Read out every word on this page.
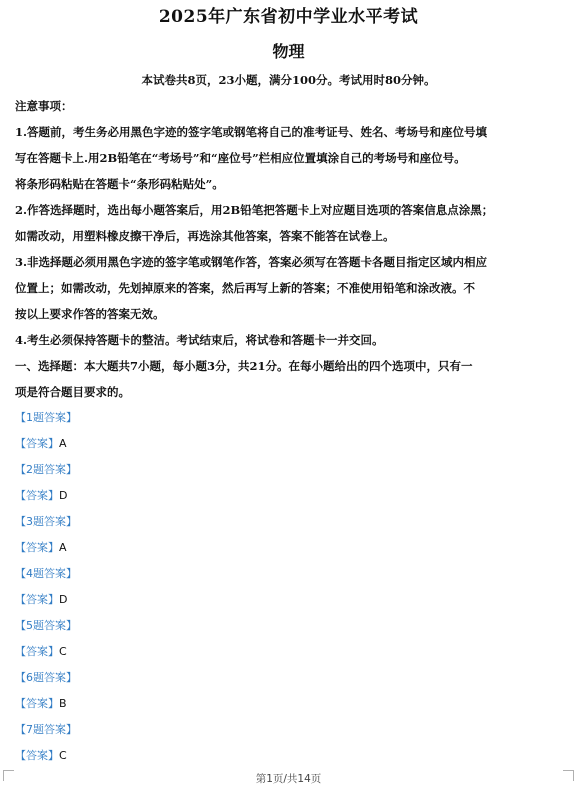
2025年广东省初中学业水平考试
物理
本试卷共8页，23小题，满分100分。考试用时80分钟。
注意事项：
1.答题前，考生务必用黑色字迹的签字笔或钢笔将自己的准考证号、姓名、考场号和座位号填
写在答题卡上.用2B铅笔在“考场号”和“座位号”栏相应位置填涂自己的考场号和座位号。
将条形码粘贴在答题卡“条形码粘贴处”。
2.作答选择题时，选出每小题答案后，用2B铅笔把答题卡上对应题目选项的答案信息点涂黑；
如需改动，用塑料橡皮擦干净后，再选涂其他答案，答案不能答在试卷上。
3.非选择题必须用黑色字迹的签字笔或钢笔作答，答案必须写在答题卡各题目指定区域内相应
位置上；如需改动，先划掉原来的答案，然后再写上新的答案；不准使用铅笔和涂改液。不
按以上要求作答的答案无效。
4.考生必须保持答题卡的整洁。考试结束后，将试卷和答题卡一并交回。
一、选择题：本大题共7小题，每小题3分，共21分。在每小题给出的四个选项中，只有一
项是符合题目要求的。
【1题答案】
【答案】A
【2题答案】
【答案】D
【3题答案】
【答案】A
【4题答案】
【答案】D
【5题答案】
【答案】C
【6题答案】
【答案】B
【7题答案】
【答案】C
第1页/共14页
